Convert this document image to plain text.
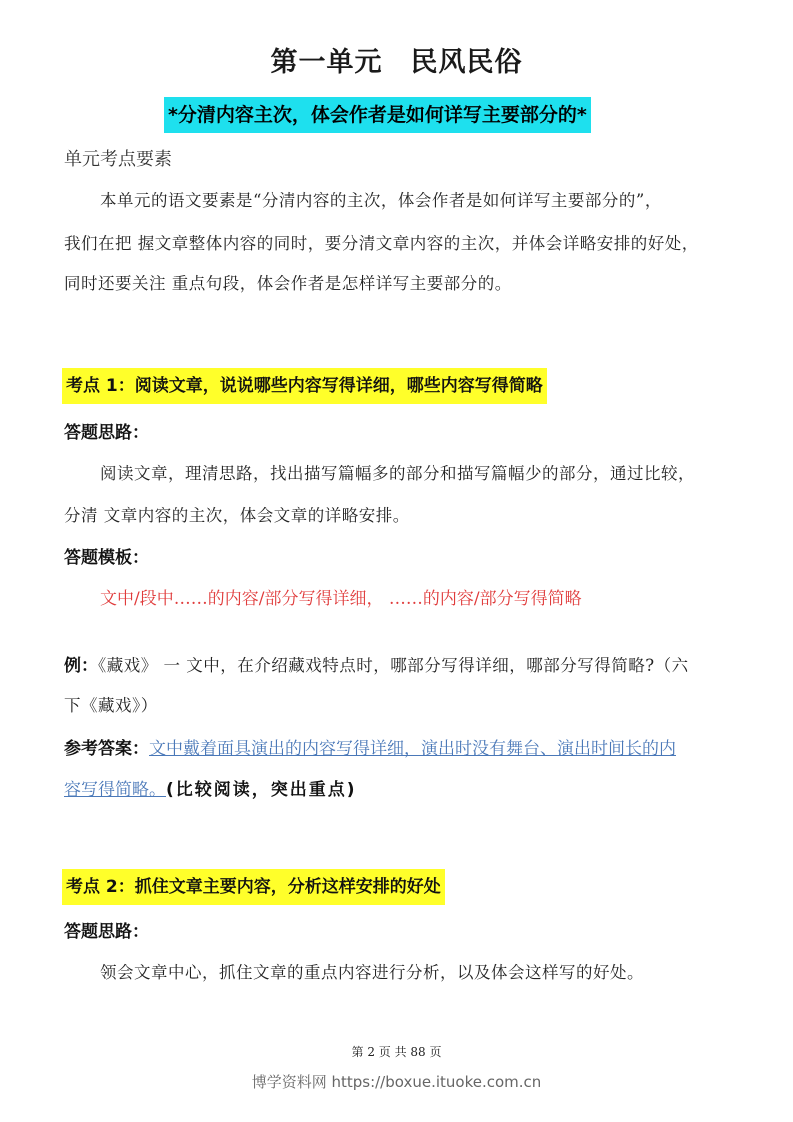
第一单元　民风民俗
*分清内容主次，体会作者是如何详写主要部分的*
单元考点要素
本单元的语文要素是“分清内容的主次，体会作者是如何详写主要部分的”，
我们在把 握文章整体内容的同时，要分清文章内容的主次，并体会详略安排的好处，
同时还要关注 重点句段，体会作者是怎样详写主要部分的。
考点 1：阅读文章，说说哪些内容写得详细，哪些内容写得简略
答题思路：
阅读文章，理清思路，找出描写篇幅多的部分和描写篇幅少的部分，通过比较，
分清 文章内容的主次，体会文章的详略安排。
答题模板：
文中/段中……的内容/部分写得详细， ……的内容/部分写得简略
例：《藏戏》 一 文中，在介绍藏戏特点时，哪部分写得详细，哪部分写得简略?（六
下《藏戏》）
参考答案：文中戴着面具演出的内容写得详细，演出时没有舞台、演出时间长的内
容写得简略。(比较阅读，突出重点)
考点 2：抓住文章主要内容，分析这样安排的好处
答题思路：
领会文章中心，抓住文章的重点内容进行分析，以及体会这样写的好处。
第 2 页 共 88 页
博学资料网 https://boxue.ituoke.com.cn
